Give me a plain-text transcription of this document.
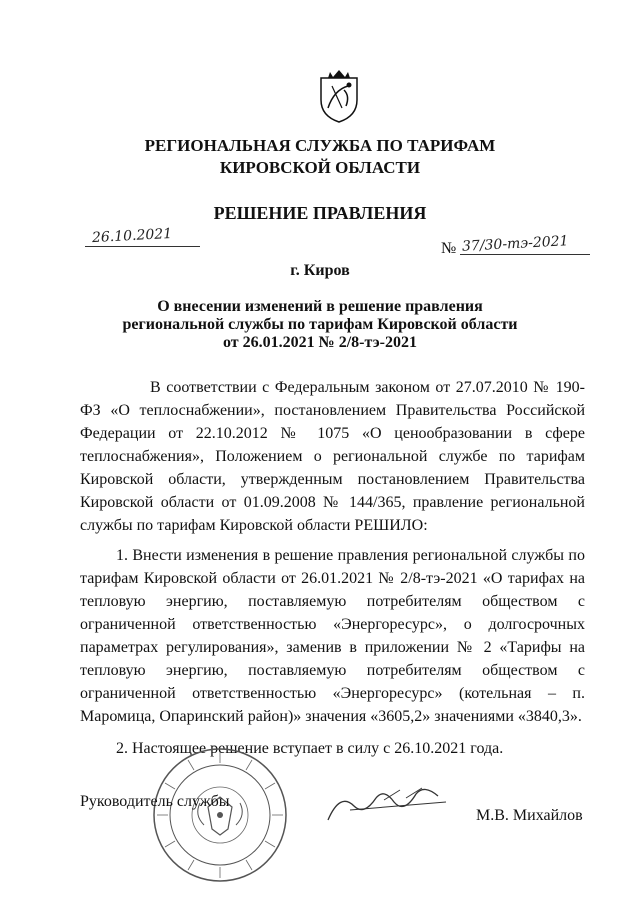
РЕГИОНАЛЬНАЯ СЛУЖБА ПО ТАРИФАМ
КИРОВСКОЙ ОБЛАСТИ
РЕШЕНИЕ ПРАВЛЕНИЯ
26.10.2021
№ 37/30-тэ-2021
г. Киров
О внесении изменений в решение правления
региональной службы по тарифам Кировской области
от 26.01.2021 № 2/8-тэ-2021
В соответствии с Федеральным законом от 27.07.2010 № 190-ФЗ «О теплоснабжении», постановлением Правительства Российской Федерации от 22.10.2012 № 1075 «О ценообразовании в сфере теплоснабжения», Положением о региональной службе по тарифам Кировской области, утвержденным постановлением Правительства Кировской области от 01.09.2008 № 144/365, правление региональной службы по тарифам Кировской области РЕШИЛО:
1. Внести изменения в решение правления региональной службы по тарифам Кировской области от 26.01.2021 № 2/8-тэ-2021 «О тарифах на тепловую энергию, поставляемую потребителям обществом с ограниченной ответственностью «Энергоресурс», о долгосрочных параметрах регулирования», заменив в приложении № 2 «Тарифы на тепловую энергию, поставляемую потребителям обществом с ограниченной ответственностью «Энергоресурс» (котельная – п. Маромица, Опаринский район)» значения «3605,2» значениями «3840,3».
2. Настоящее решение вступает в силу с 26.10.2021 года.
Руководитель службы
М.В. Михайлов
